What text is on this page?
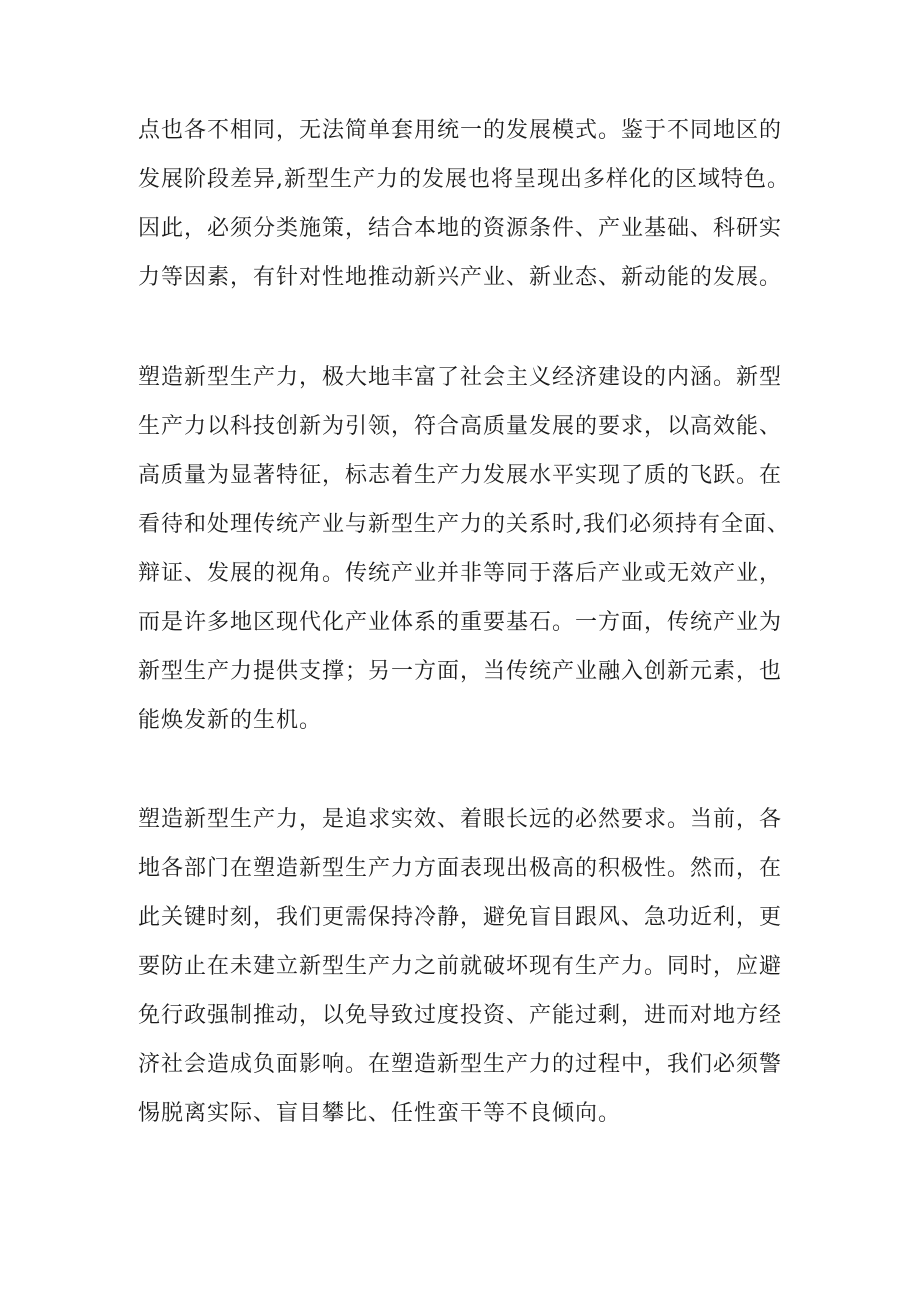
点也各不相同，无法简单套用统一的发展模式。鉴于不同地区的
发展阶段差异,新型生产力的发展也将呈现出多样化的区域特色。
因此，必须分类施策，结合本地的资源条件、产业基础、科研实
力等因素，有针对性地推动新兴产业、新业态、新动能的发展。
塑造新型生产力，极大地丰富了社会主义经济建设的内涵。新型
生产力以科技创新为引领，符合高质量发展的要求，以高效能、
高质量为显著特征，标志着生产力发展水平实现了质的飞跃。在
看待和处理传统产业与新型生产力的关系时,我们必须持有全面、
辩证、发展的视角。传统产业并非等同于落后产业或无效产业，
而是许多地区现代化产业体系的重要基石。一方面，传统产业为
新型生产力提供支撑；另一方面，当传统产业融入创新元素，也
能焕发新的生机。
塑造新型生产力，是追求实效、着眼长远的必然要求。当前，各
地各部门在塑造新型生产力方面表现出极高的积极性。然而，在
此关键时刻，我们更需保持冷静，避免盲目跟风、急功近利，更
要防止在未建立新型生产力之前就破坏现有生产力。同时，应避
免行政强制推动，以免导致过度投资、产能过剩，进而对地方经
济社会造成负面影响。在塑造新型生产力的过程中，我们必须警
惕脱离实际、盲目攀比、任性蛮干等不良倾向。
